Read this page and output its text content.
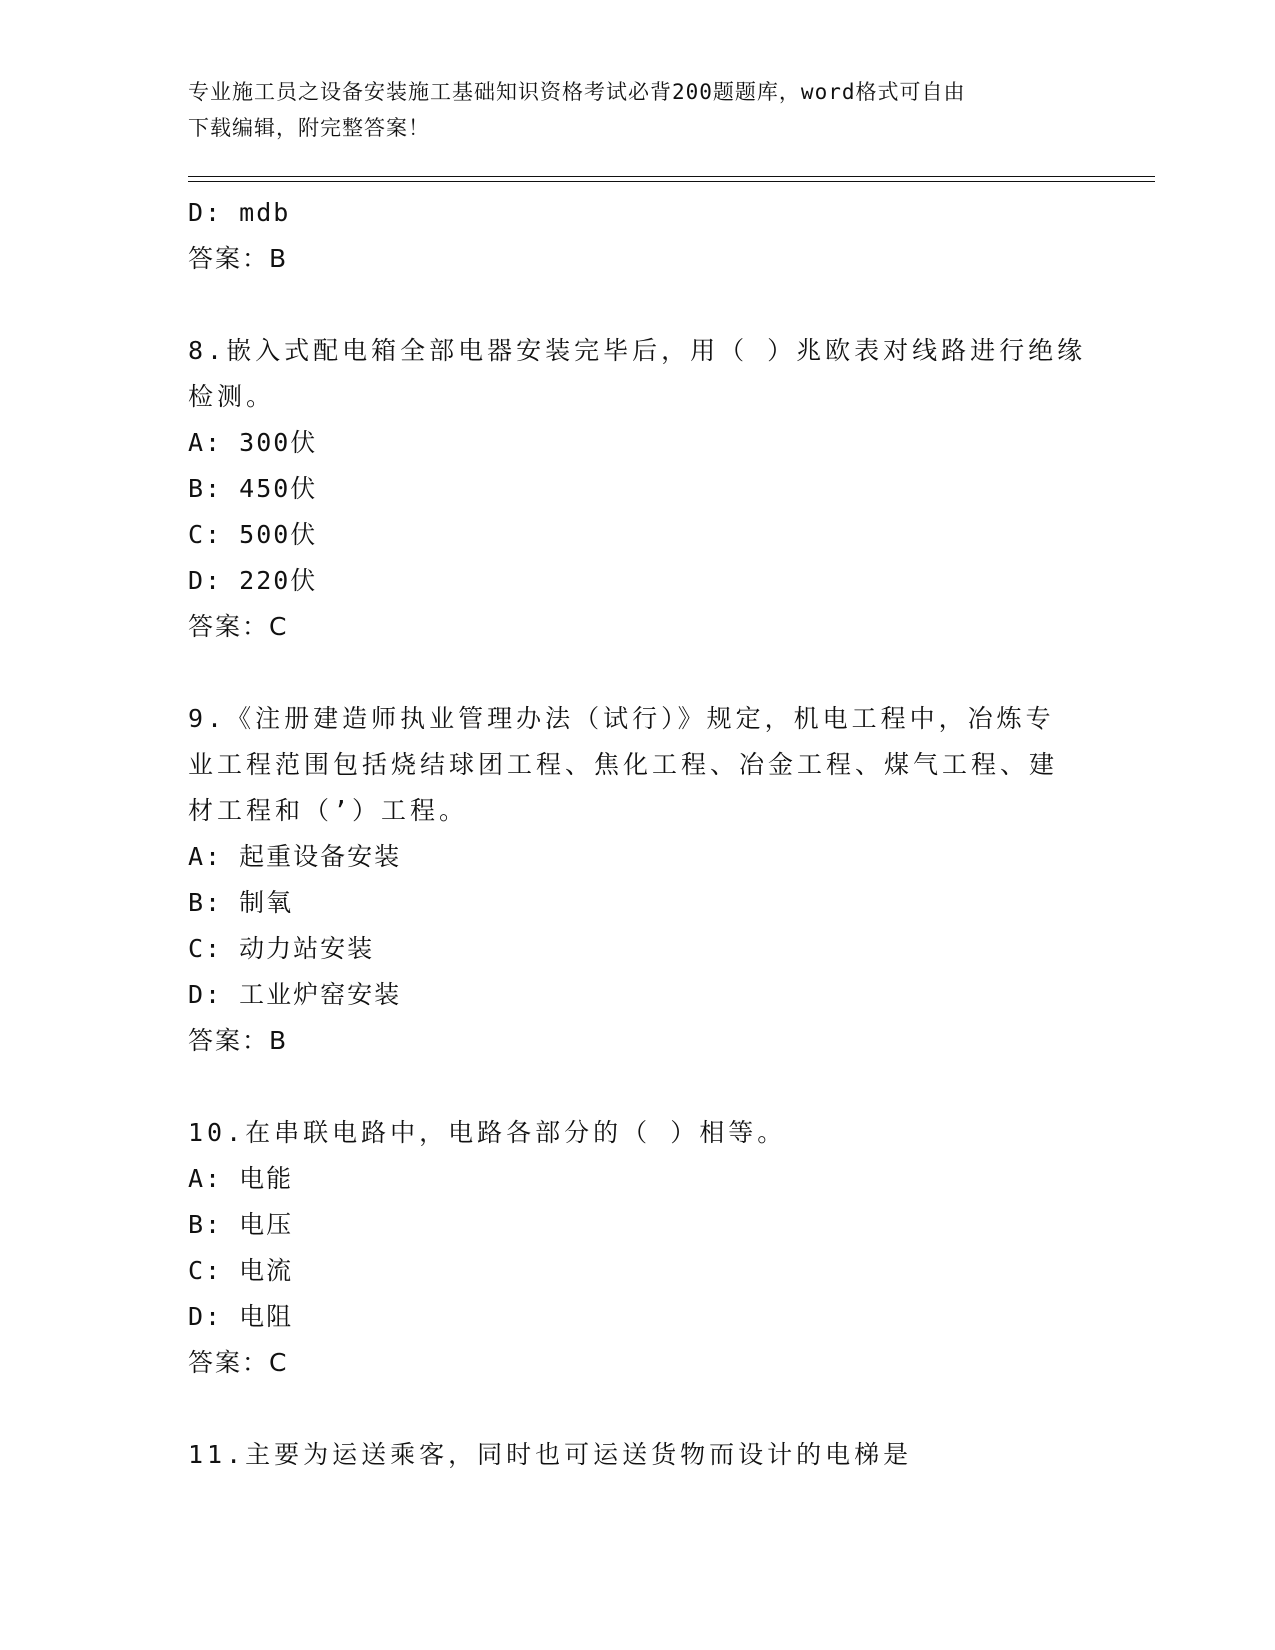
专业施工员之设备安装施工基础知识资格考试必背200题题库，word格式可自由
下载编辑，附完整答案！
D: mdb
答案：B
8.嵌入式配电箱全部电器安装完毕后，用（ ）兆欧表对线路进行绝缘
检测。
A: 300伏
B: 450伏
C: 500伏
D: 220伏
答案：C
9.《注册建造师执业管理办法（试行）》规定，机电工程中，冶炼专
业工程范围包括烧结球团工程、焦化工程、冶金工程、煤气工程、建
材工程和（’）工程。
A: 起重设备安装
B: 制氧
C: 动力站安装
D: 工业炉窑安装
答案：B
10.在串联电路中，电路各部分的（ ）相等。
A: 电能
B: 电压
C: 电流
D: 电阻
答案：C
11.主要为运送乘客，同时也可运送货物而设计的电梯是
